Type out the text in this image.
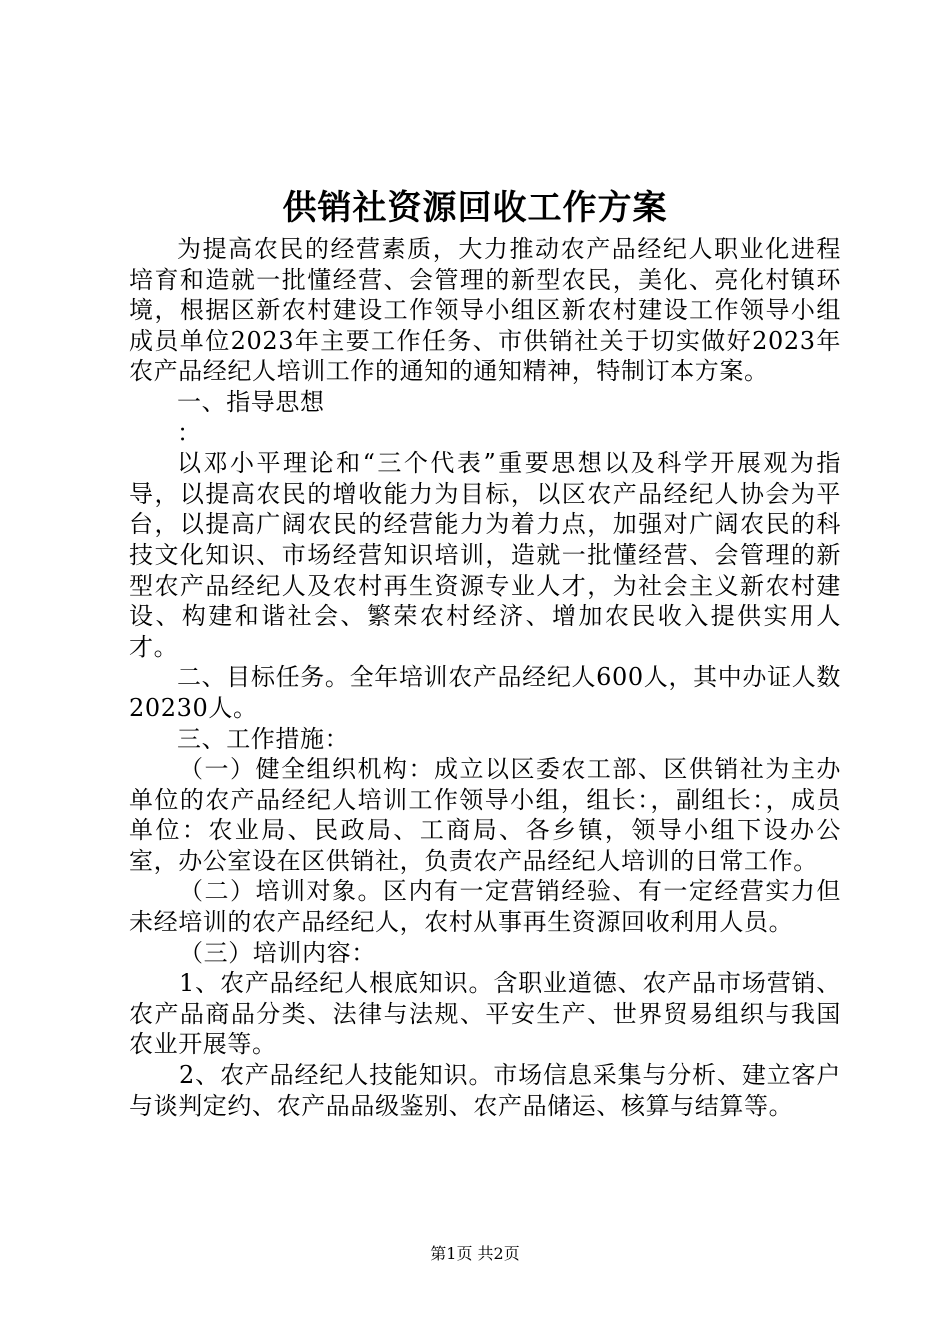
供销社资源回收工作方案

为提高农民的经营素质，大力推动农产品经纪人职业化进程培育和造就一批懂经营、会管理的新型农民，美化、亮化村镇环境，根据区新农村建设工作领导小组区新农村建设工作领导小组成员单位2023年主要工作任务、市供销社关于切实做好2023年农产品经纪人培训工作的通知的通知精神，特制订本方案。

一、指导思想

：

以邓小平理论和“三个代表”重要思想以及科学开展观为指导，以提高农民的增收能力为目标，以区农产品经纪人协会为平台，以提高广阔农民的经营能力为着力点，加强对广阔农民的科技文化知识、市场经营知识培训，造就一批懂经营、会管理的新型农产品经纪人及农村再生资源专业人才，为社会主义新农村建设、构建和谐社会、繁荣农村经济、增加农民收入提供实用人才。

二、目标任务。全年培训农产品经纪人600人，其中办证人数20230人。

三、工作措施：

（一）健全组织机构：成立以区委农工部、区供销社为主办单位的农产品经纪人培训工作领导小组，组长：，副组长：，成员单位：农业局、民政局、工商局、各乡镇，领导小组下设办公室，办公室设在区供销社，负责农产品经纪人培训的日常工作。

（二）培训对象。区内有一定营销经验、有一定经营实力但未经培训的农产品经纪人，农村从事再生资源回收利用人员。

（三）培训内容：

1、农产品经纪人根底知识。含职业道德、农产品市场营销、农产品商品分类、法律与法规、平安生产、世界贸易组织与我国农业开展等。

2、农产品经纪人技能知识。市场信息采集与分析、建立客户与谈判定约、农产品品级鉴别、农产品储运、核算与结算等。

第1页 共2页
